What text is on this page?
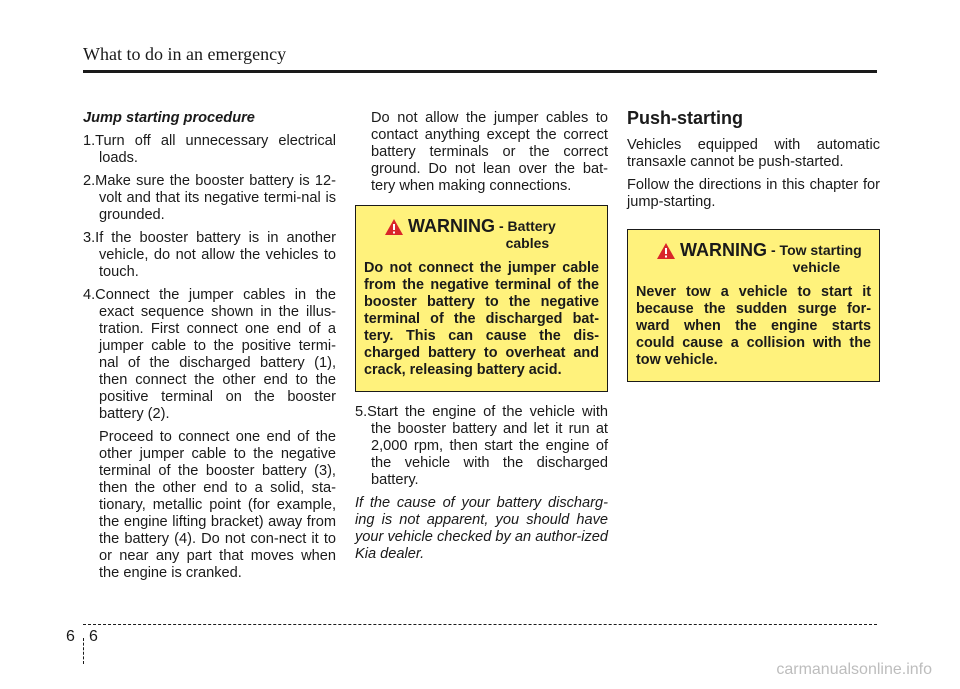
What to do in an emergency

Jump starting procedure

1.Turn off all unnecessary electrical loads.

2.Make sure the booster battery is 12-volt and that its negative termi-nal is grounded.

3.If the booster battery is in another vehicle, do not allow the vehicles to touch.

4.Connect the jumper cables in the exact sequence shown in the illus-tration. First connect one end of a jumper cable to the positive termi-nal of the discharged battery (1), then connect the other end to the positive terminal on the booster battery (2).

Proceed to connect one end of the other jumper cable to the negative terminal of the booster battery (3), then the other end to a solid, sta-tionary, metallic point (for example, the engine lifting bracket) away from the battery (4). Do not con-nect it to or near any part that moves when the engine is cranked.

Do not allow the jumper cables to contact anything except the correct battery terminals or the correct ground. Do not lean over the bat-tery when making connections.

WARNING - Battery
cables
Do not connect the jumper cable from the negative terminal of the booster battery to the negative terminal of the discharged bat-tery. This can cause the dis-charged battery to overheat and crack, releasing battery acid.

5.Start the engine of the vehicle with the booster battery and let it run at 2,000 rpm, then start the engine of the vehicle with the discharged battery.

If the cause of your battery discharg-ing is not apparent, you should have your vehicle checked by an author-ized Kia dealer.

Push-starting

Vehicles equipped with automatic transaxle cannot be push-started.

Follow the directions in this chapter for jump-starting.

WARNING - Tow starting
vehicle
Never tow a vehicle to start it because the sudden surge for-ward when the engine starts could cause a collision with the tow vehicle.
6 6
carmanualsonline.info
